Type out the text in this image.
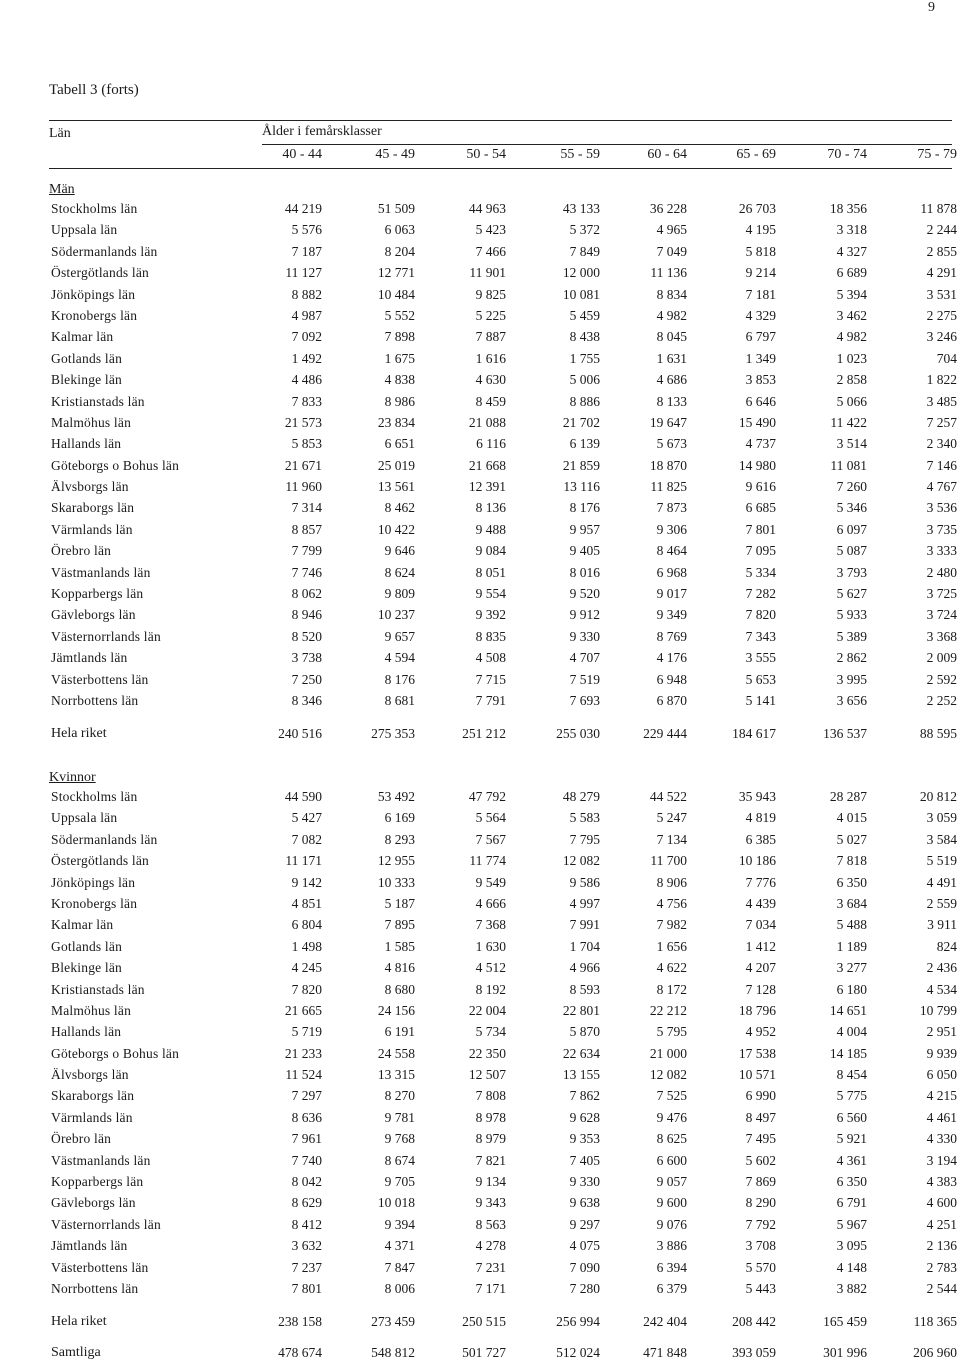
9
Tabell 3 (forts)
Län	Ålder i femårsklasser
40 - 44	45 - 49	50 - 54	55 - 59	60 - 64	65 - 69	70 - 74	75 - 79
Män
Stockholms län	44 219	51 509	44 963	43 133	36 228	26 703	18 356	11 878
Uppsala län	5 576	6 063	5 423	5 372	4 965	4 195	3 318	2 244
Södermanlands län	7 187	8 204	7 466	7 849	7 049	5 818	4 327	2 855
Östergötlands län	11 127	12 771	11 901	12 000	11 136	9 214	6 689	4 291
Jönköpings län	8 882	10 484	9 825	10 081	8 834	7 181	5 394	3 531
Kronobergs län	4 987	5 552	5 225	5 459	4 982	4 329	3 462	2 275
Kalmar län	7 092	7 898	7 887	8 438	8 045	6 797	4 982	3 246
Gotlands län	1 492	1 675	1 616	1 755	1 631	1 349	1 023	704
Blekinge län	4 486	4 838	4 630	5 006	4 686	3 853	2 858	1 822
Kristianstads län	7 833	8 986	8 459	8 886	8 133	6 646	5 066	3 485
Malmöhus län	21 573	23 834	21 088	21 702	19 647	15 490	11 422	7 257
Hallands län	5 853	6 651	6 116	6 139	5 673	4 737	3 514	2 340
Göteborgs o Bohus län	21 671	25 019	21 668	21 859	18 870	14 980	11 081	7 146
Älvsborgs län	11 960	13 561	12 391	13 116	11 825	9 616	7 260	4 767
Skaraborgs län	7 314	8 462	8 136	8 176	7 873	6 685	5 346	3 536
Värmlands län	8 857	10 422	9 488	9 957	9 306	7 801	6 097	3 735
Örebro län	7 799	9 646	9 084	9 405	8 464	7 095	5 087	3 333
Västmanlands län	7 746	8 624	8 051	8 016	6 968	5 334	3 793	2 480
Kopparbergs län	8 062	9 809	9 554	9 520	9 017	7 282	5 627	3 725
Gävleborgs län	8 946	10 237	9 392	9 912	9 349	7 820	5 933	3 724
Västernorrlands län	8 520	9 657	8 835	9 330	8 769	7 343	5 389	3 368
Jämtlands län	3 738	4 594	4 508	4 707	4 176	3 555	2 862	2 009
Västerbottens län	7 250	8 176	7 715	7 519	6 948	5 653	3 995	2 592
Norrbottens län	8 346	8 681	7 791	7 693	6 870	5 141	3 656	2 252
Hela riket	240 516	275 353	251 212	255 030	229 444	184 617	136 537	88 595
Kvinnor
Stockholms län	44 590	53 492	47 792	48 279	44 522	35 943	28 287	20 812
Uppsala län	5 427	6 169	5 564	5 583	5 247	4 819	4 015	3 059
Södermanlands län	7 082	8 293	7 567	7 795	7 134	6 385	5 027	3 584
Östergötlands län	11 171	12 955	11 774	12 082	11 700	10 186	7 818	5 519
Jönköpings län	9 142	10 333	9 549	9 586	8 906	7 776	6 350	4 491
Kronobergs län	4 851	5 187	4 666	4 997	4 756	4 439	3 684	2 559
Kalmar län	6 804	7 895	7 368	7 991	7 982	7 034	5 488	3 911
Gotlands län	1 498	1 585	1 630	1 704	1 656	1 412	1 189	824
Blekinge län	4 245	4 816	4 512	4 966	4 622	4 207	3 277	2 436
Kristianstads län	7 820	8 680	8 192	8 593	8 172	7 128	6 180	4 534
Malmöhus län	21 665	24 156	22 004	22 801	22 212	18 796	14 651	10 799
Hallands län	5 719	6 191	5 734	5 870	5 795	4 952	4 004	2 951
Göteborgs o Bohus län	21 233	24 558	22 350	22 634	21 000	17 538	14 185	9 939
Älvsborgs län	11 524	13 315	12 507	13 155	12 082	10 571	8 454	6 050
Skaraborgs län	7 297	8 270	7 808	7 862	7 525	6 990	5 775	4 215
Värmlands län	8 636	9 781	8 978	9 628	9 476	8 497	6 560	4 461
Örebro län	7 961	9 768	8 979	9 353	8 625	7 495	5 921	4 330
Västmanlands län	7 740	8 674	7 821	7 405	6 600	5 602	4 361	3 194
Kopparbergs län	8 042	9 705	9 134	9 330	9 057	7 869	6 350	4 383
Gävleborgs län	8 629	10 018	9 343	9 638	9 600	8 290	6 791	4 600
Västernorrlands län	8 412	9 394	8 563	9 297	9 076	7 792	5 967	4 251
Jämtlands län	3 632	4 371	4 278	4 075	3 886	3 708	3 095	2 136
Västerbottens län	7 237	7 847	7 231	7 090	6 394	5 570	4 148	2 783
Norrbottens län	7 801	8 006	7 171	7 280	6 379	5 443	3 882	2 544
Hela riket	238 158	273 459	250 515	256 994	242 404	208 442	165 459	118 365
Samtliga	478 674	548 812	501 727	512 024	471 848	393 059	301 996	206 960
